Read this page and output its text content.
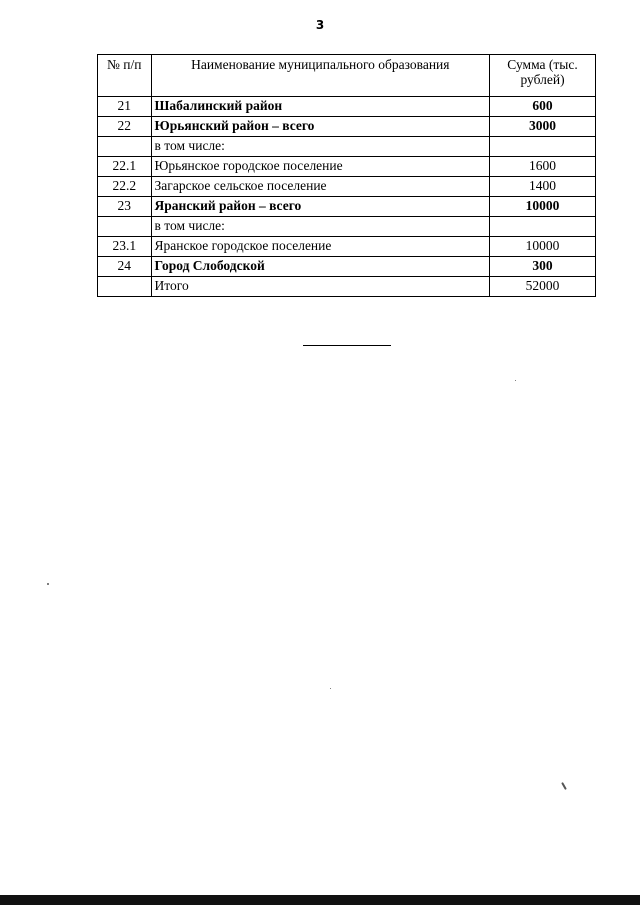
3
№ п/п	Наименование муниципального образования	Сумма (тыс. рублей)
21	Шабалинский район	600
22	Юрьянский район – всего	3000
	в том числе:	
22.1	Юрьянское городское поселение	1600
22.2	Загарское сельское поселение	1400
23	Яранский район – всего	10000
	в том числе:	
23.1	Яранское городское поселение	10000
24	Город Слободской	300
	Итого	52000
